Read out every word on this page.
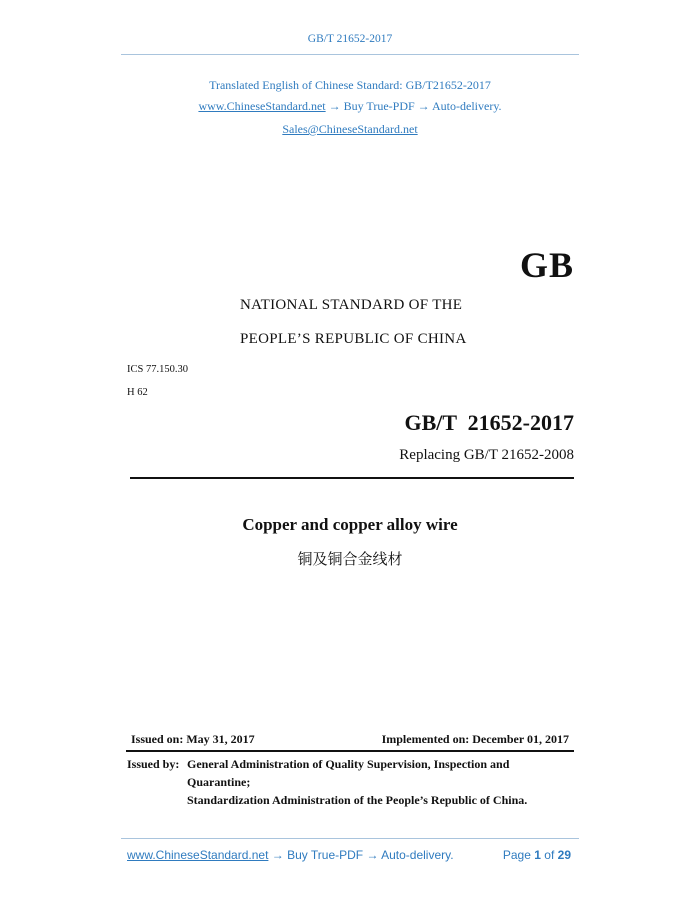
GB/T 21652-2017
Translated English of Chinese Standard: GB/T21652-2017
www.ChineseStandard.net → Buy True-PDF → Auto-delivery.
Sales@ChineseStandard.net
GB
NATIONAL STANDARD OF THE
PEOPLE’S REPUBLIC OF CHINA
ICS 77.150.30
H 62
GB/T  21652-2017
Replacing GB/T 21652-2008
Copper and copper alloy wire
铜及铜合金线材
Issued on: May 31, 2017	Implemented on: December 01, 2017
Issued by: General Administration of Quality Supervision, Inspection and
Quarantine;
Standardization Administration of the People’s Republic of China.
www.ChineseStandard.net → Buy True-PDF → Auto-delivery.	Page 1 of 29
